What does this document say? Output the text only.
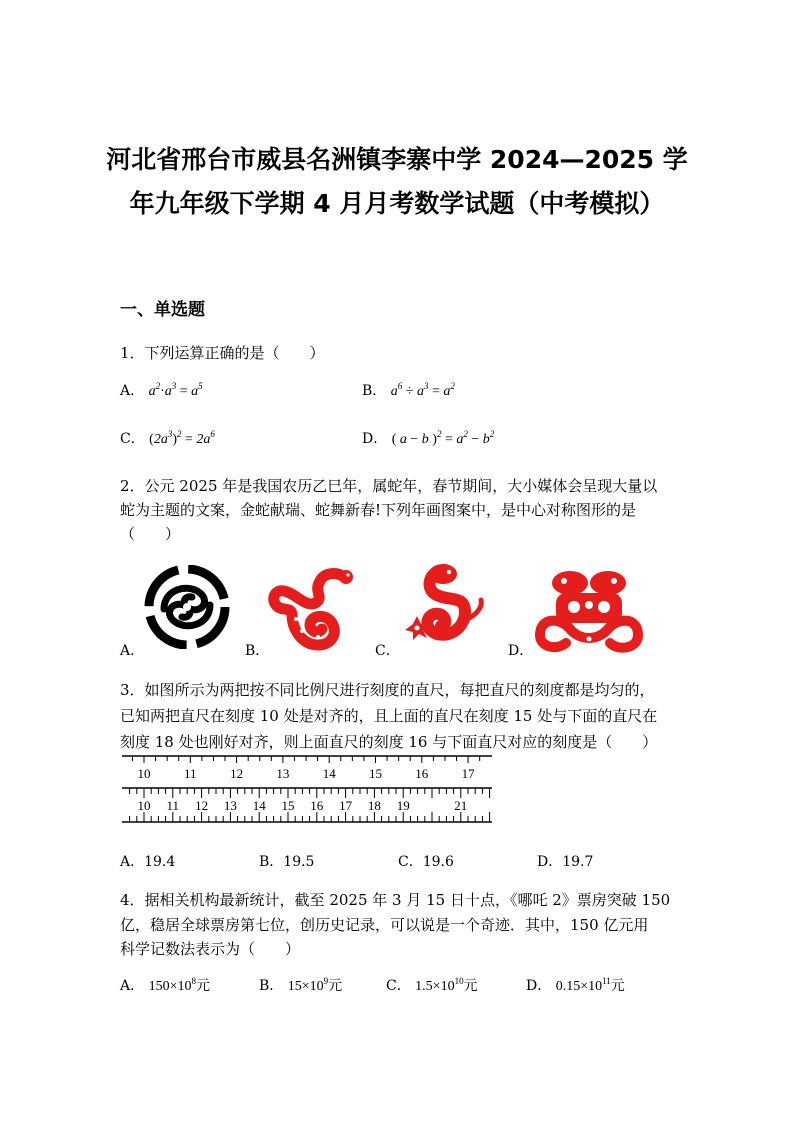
河北省邢台市威县名洲镇李寨中学 2024—2025 学
年九年级下学期 4 月月考数学试题（中考模拟）
一、单选题
1．下列运算正确的是（　　）
A． $a^2\cdot a^3 = a^5$	B． $a^6 \div a^3 = a^2$
C． $(2a^3)^2 = 2a^6$	D． ( a − b )$^2 = a^2 - b^2$
2．公元 2025 年是我国农历乙巳年，属蛇年，春节期间，大小媒体会呈现大量以
蛇为主题的文案，金蛇献瑞、蛇舞新春!下列年画图案中，是中心对称图形的是
（　　）
A．	B．	C．	D．
3．如图所示为两把按不同比例尺进行刻度的直尺，每把直尺的刻度都是均匀的，
已知两把直尺在刻度 10 处是对齐的，且上面的直尺在刻度 15 处与下面的直尺在
刻度 18 处也刚好对齐，则上面直尺的刻度 16 与下面直尺对应的刻度是（　　）
10	11	12	13	14	15	16	17
10 11 12 13 14 15 16 17 18 19	21
A．19.4	B．19.5	C．19.6	D．19.7
4．据相关机构最新统计，截至 2025 年 3 月 15 日十点，《哪吒 2》票房突破 150
亿，稳居全球票房第七位，创历史记录，可以说是一个奇迹．其中，150 亿元用
科学记数法表示为（　　）
A． $150\times 10^8$元	B． $15\times 10^9$元	C． $1.5\times 10^{10}$元	D． $0.15\times 10^{11}$元
